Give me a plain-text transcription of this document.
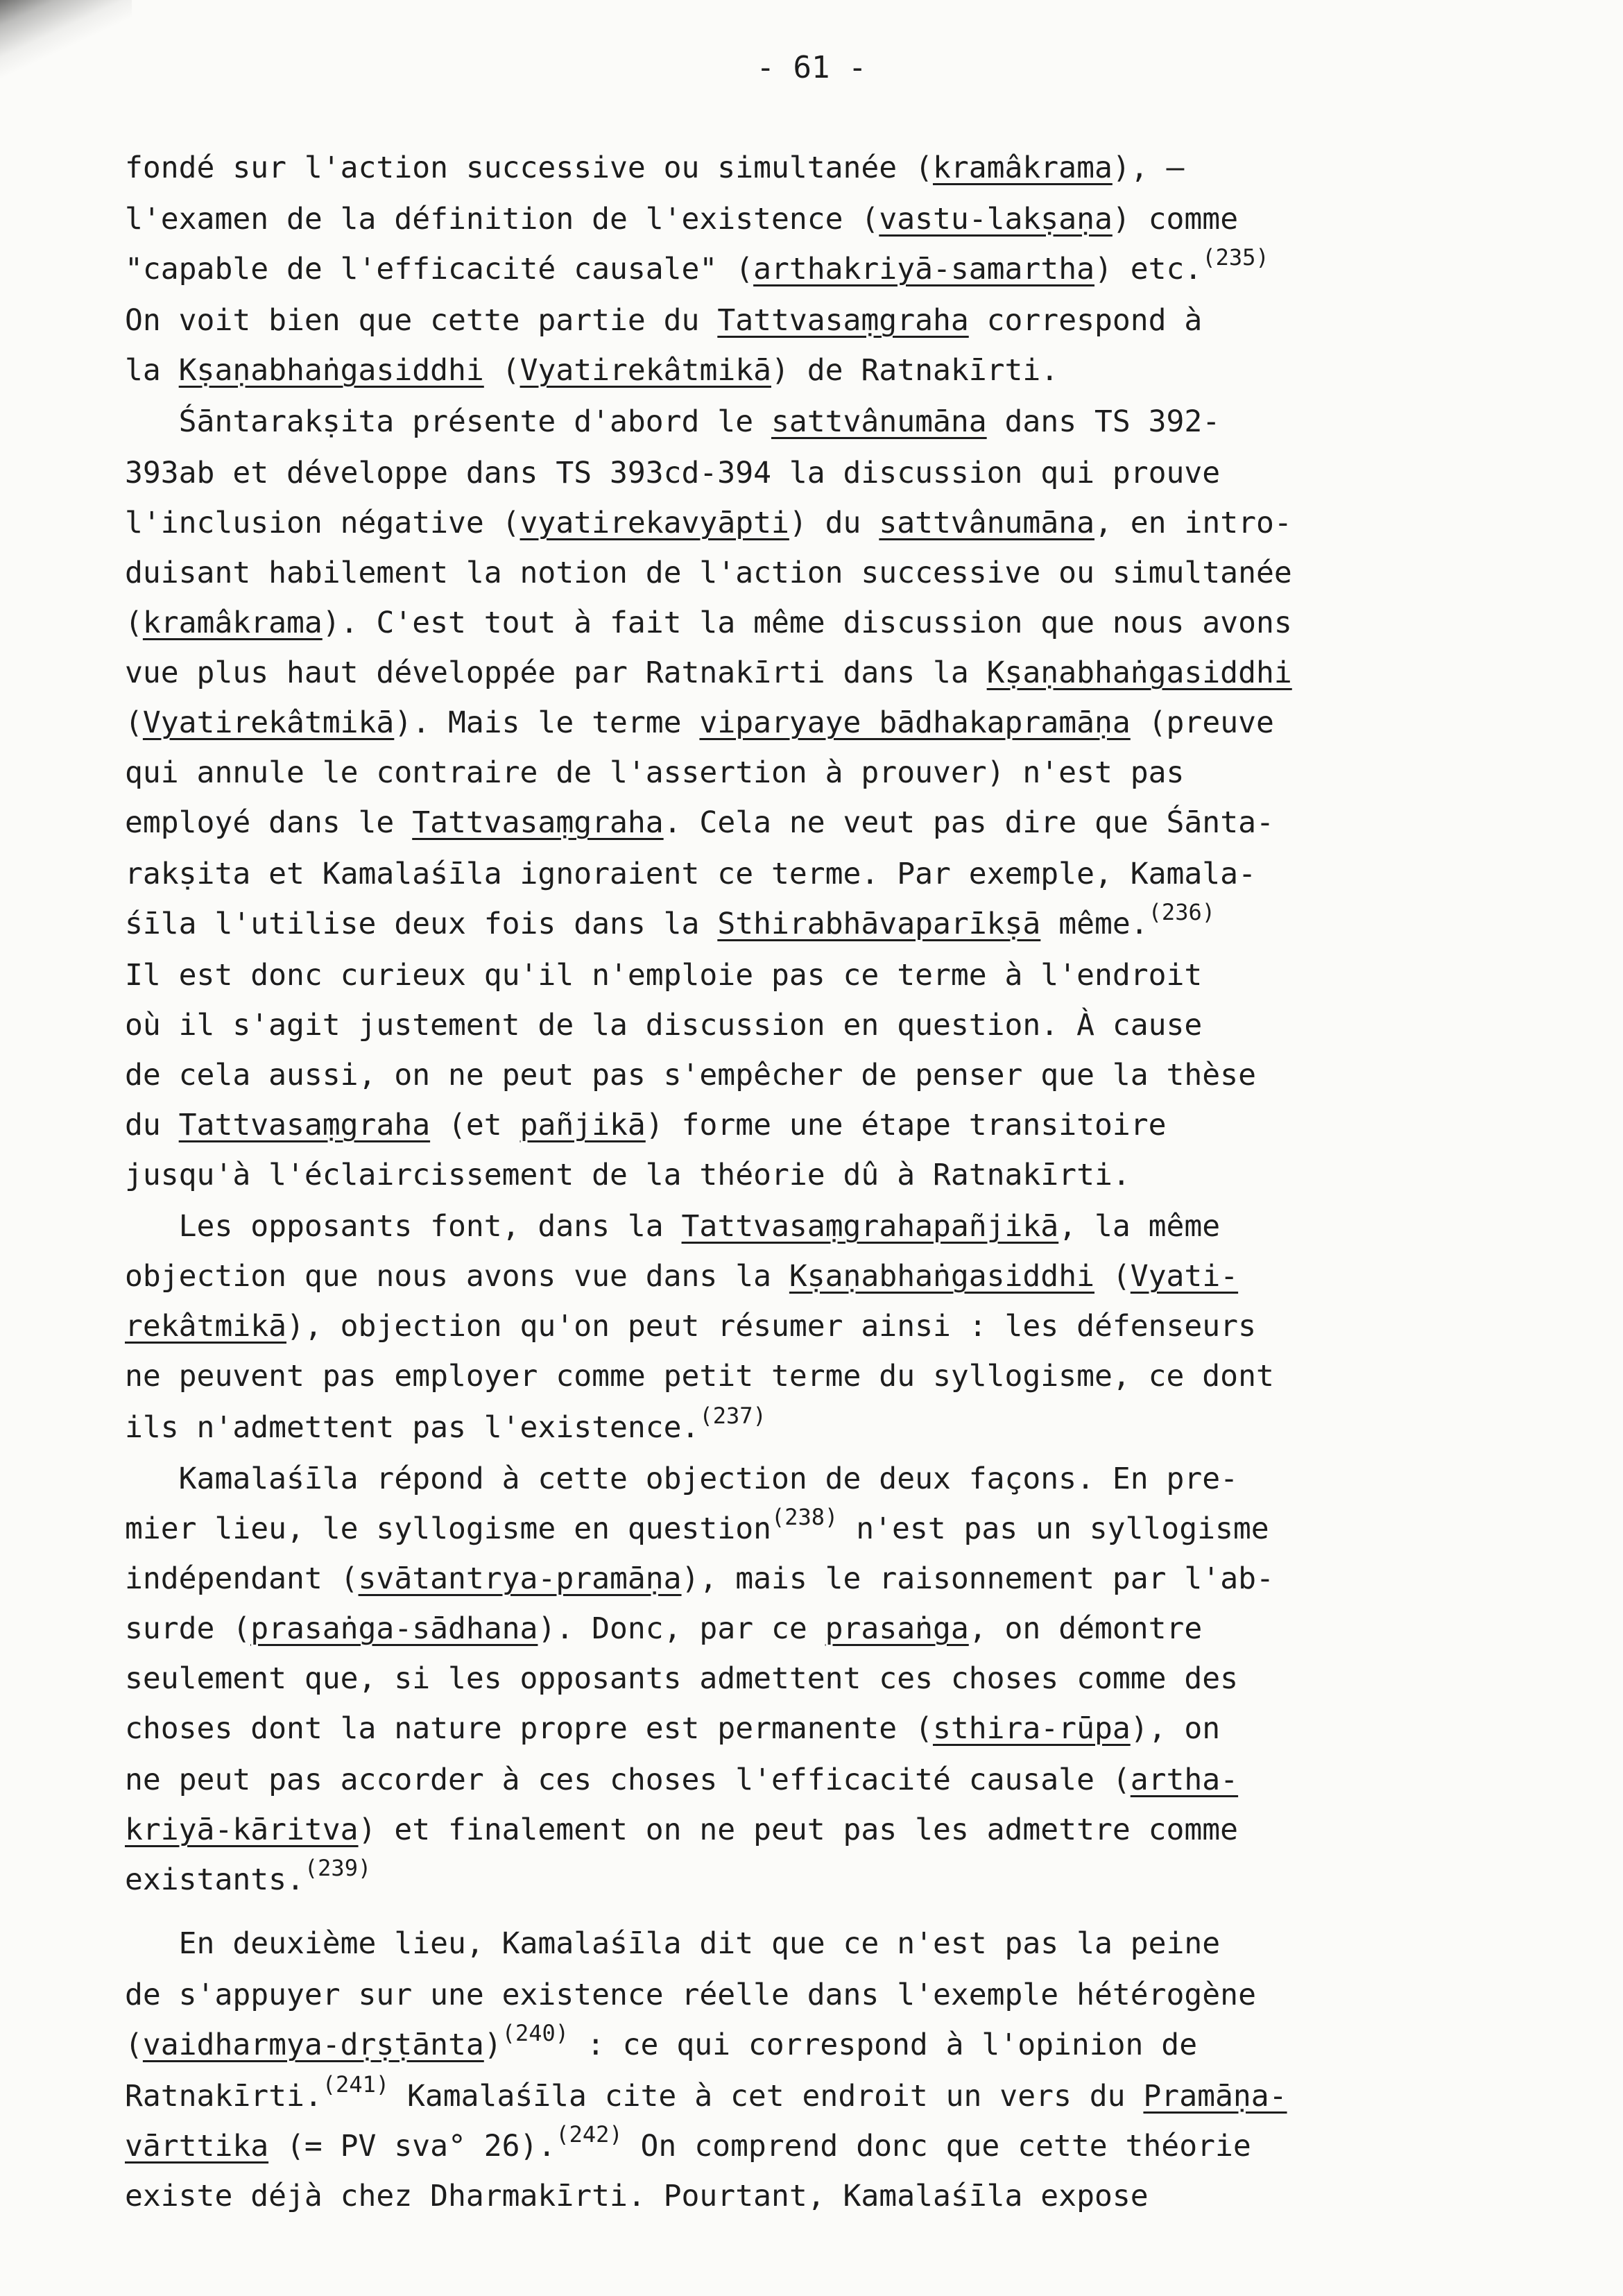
- 61 -
fondé sur l'action successive ou simultanée (kramâkrama), —
l'examen de la définition de l'existence (vastu-lakṣaṇa) comme
"capable de l'efficacité causale" (arthakriyā-samartha) etc.$^{(235)}$
On voit bien que cette partie du Tattvasaṃgraha correspond à
la Kṣaṇabhaṅgasiddhi (Vyatirekâtmikā) de Ratnakīrti.
Śāntarakṣita présente d'abord le sattvânumāna dans TS 392-
393ab et développe dans TS 393cd-394 la discussion qui prouve
l'inclusion négative (vyatirekavyāpti) du sattvânumāna, en intro-
duisant habilement la notion de l'action successive ou simultanée
(kramâkrama). C'est tout à fait la même discussion que nous avons
vue plus haut développée par Ratnakīrti dans la Kṣaṇabhaṅgasiddhi
(Vyatirekâtmikā). Mais le terme viparyaye bādhakapramāṇa (preuve
qui annule le contraire de l'assertion à prouver) n'est pas
employé dans le Tattvasaṃgraha. Cela ne veut pas dire que Śānta-
rakṣita et Kamalaśīla ignoraient ce terme. Par exemple, Kamala-
śīla l'utilise deux fois dans la Sthirabhāvaparīkṣā même.$^{(236)}$
Il est donc curieux qu'il n'emploie pas ce terme à l'endroit
où il s'agit justement de la discussion en question. À cause
de cela aussi, on ne peut pas s'empêcher de penser que la thèse
du Tattvasaṃgraha (et pañjikā) forme une étape transitoire
jusqu'à l'éclaircissement de la théorie dû à Ratnakīrti.
Les opposants font, dans la Tattvasaṃgrahapañjikā, la même
objection que nous avons vue dans la Kṣaṇabhaṅgasiddhi (Vyati-
rekâtmikā), objection qu'on peut résumer ainsi : les défenseurs
ne peuvent pas employer comme petit terme du syllogisme, ce dont
ils n'admettent pas l'existence.$^{(237)}$
Kamalaśīla répond à cette objection de deux façons. En pre-
mier lieu, le syllogisme en question$^{(238)}$ n'est pas un syllogisme
indépendant (svātantrya-pramāṇa), mais le raisonnement par l'ab-
surde (prasaṅga-sādhana). Donc, par ce prasaṅga, on démontre
seulement que, si les opposants admettent ces choses comme des
choses dont la nature propre est permanente (sthira-rūpa), on
ne peut pas accorder à ces choses l'efficacité causale (artha-
kriyā-kāritva) et finalement on ne peut pas les admettre comme
existants.$^{(239)}$
En deuxième lieu, Kamalaśīla dit que ce n'est pas la peine
de s'appuyer sur une existence réelle dans l'exemple hétérogène
(vaidharmya-dṛṣṭānta)$^{(240)}$ : ce qui correspond à l'opinion de
Ratnakīrti.$^{(241)}$ Kamalaśīla cite à cet endroit un vers du Pramāṇa-
vārttika (= PV sva° 26).$^{(242)}$ On comprend donc que cette théorie
existe déjà chez Dharmakīrti. Pourtant, Kamalaśīla expose
